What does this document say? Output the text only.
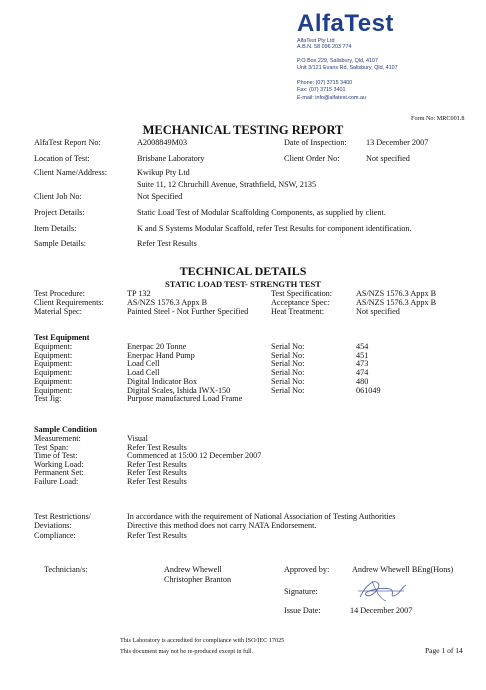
AlfaTest
AlfaTest Pty Ltd
A.B.N. 58 096 203 774
P.O Box 229, Salisbury, Qld, 4107
Unit 3/121 Evans Rd, Salisbury, Qld, 4107
Phone: (07) 3715 3400
Fax: (07) 3715 3401
E-mail: info@alfatest.com.au
Form No: MRC001.8
MECHANICAL TESTING REPORT
AlfaTest Report No:	A2008849M03	Date of Inspection: 13 December 2007
Location of Test:	Brisbane Laboratory	Client Order No:	Not specified
Client Name/Address:	Kwikup Pty Ltd
Suite 11, 12 Chruchill Avenue, Strathfield, NSW, 2135
Client Job No:	Not Specified
Project Details:	Static Load Test of Modular Scaffolding Components, as supplied by client.
Item Details:	K and S Systems Modular Scaffold, refer Test Results for component identification.
Sample Details:	Refer Test Results
TECHNICAL DETAILS
STATIC LOAD TEST- STRENGTH TEST
Test Procedure:	TP 132	Test Specification:	AS/NZS 1576.3 Appx B
Client Requirements:	AS/NZS 1576.3 Appx B	Acceptance Spec:	AS/NZS 1576.3 Appx B
Material Spec:	Painted Steel - Not Further Specified	Heat Treatment:	Not specified
Test Equipment
Equipment:	Enerpac 20 Tonne	Serial No:	454
Equipment:	Enerpac Hand Pump	Serial No:	451
Equipment:	Load Cell	Serial No:	473
Equipment:	Load Cell	Serial No:	474
Equipment:	Digital Indicator Box	Serial No:	480
Equipment:	Digital Scales, Ishida IWX-150	Serial No:	061049
Test Jig:	Purpose manufactured Load Frame
Sample Condition
Measurement:	Visual
Test Span:	Refer Test Results
Time of Test:	Commenced at 15:00 12 December 2007
Working Load:	Refer Test Results
Permanent Set:	Refer Test Results
Failure Load:	Refer Test Results
Test Restrictions/	In accordance with the requirement of National Association of Testing Authorities
Deviations:	Directive this method does not carry NATA Endorsement.
Compliance:	Refer Test Results
Technician/s:	Andrew Whewell
Christopher Branton
Approved by:	Andrew Whewell BEng(Hons)
Signature:
Issue Date:	14 December 2007
This Laboratory is accredited for compliance with ISO/IEC 17025
This document may not be re-produced except in full.	Page 1 of 14
